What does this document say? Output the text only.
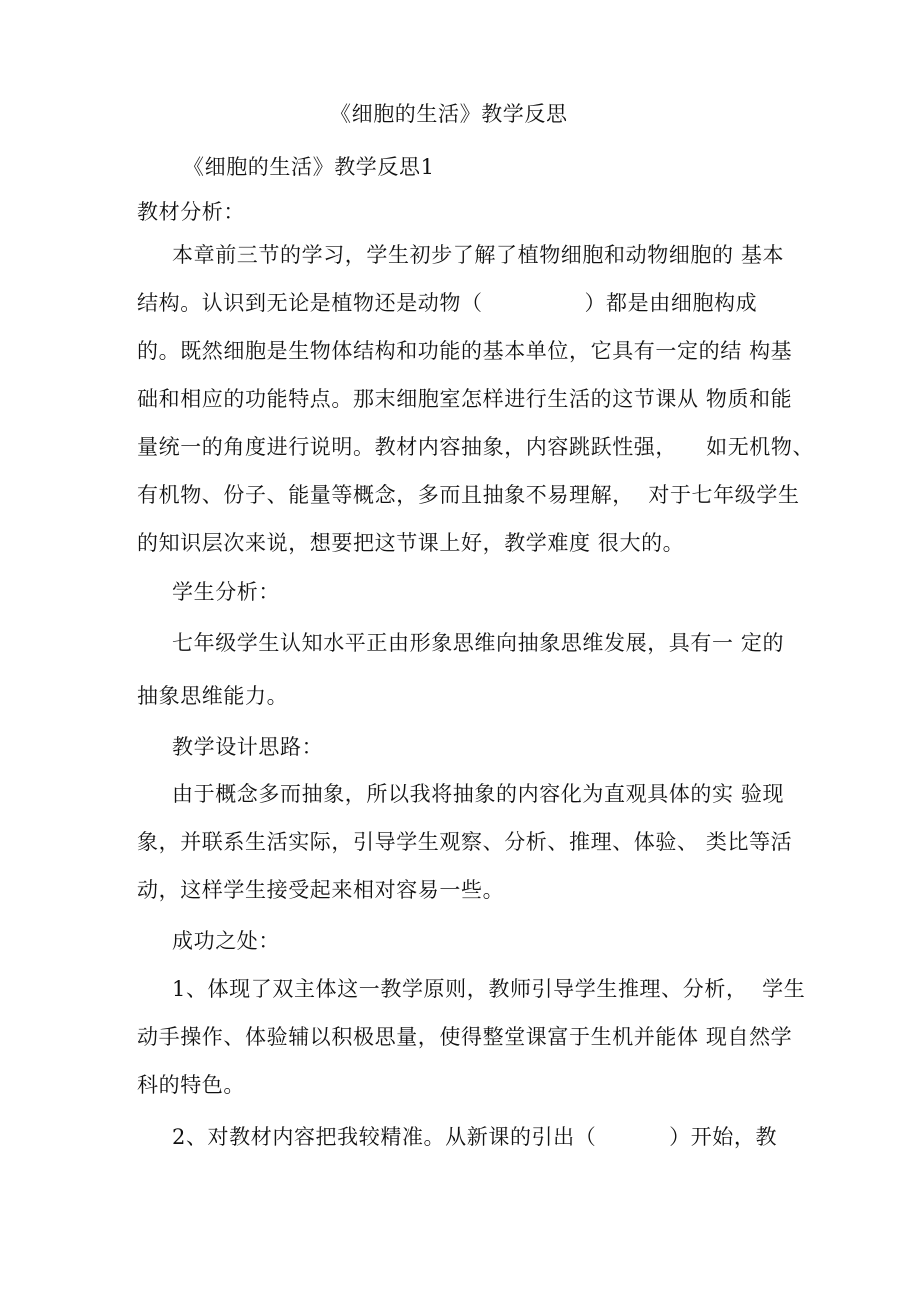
《细胞的生活》教学反思
《细胞的生活》教学反思1
教材分析：
本章前三节的学习，学生初步了解了植物细胞和动物细胞的 基本
结构。认识到无论是植物还是动物（              ）都是由细胞构成
的。既然细胞是生物体结构和功能的基本单位，它具有一定的结 构基
础和相应的功能特点。那末细胞室怎样进行生活的这节课从 物质和能
量统一的角度进行说明。教材内容抽象，内容跳跃性强，    如无机物、
有机物、份子、能量等概念，多而且抽象不易理解，  对于七年级学生
的知识层次来说，想要把这节课上好，教学难度 很大的。
学生分析：
七年级学生认知水平正由形象思维向抽象思维发展，具有一 定的
抽象思维能力。
教学设计思路：
由于概念多而抽象，所以我将抽象的内容化为直观具体的实 验现
象，并联系生活实际，引导学生观察、分析、推理、体验、 类比等活
动，这样学生接受起来相对容易一些。
成功之处：
1、体现了双主体这一教学原则，教师引导学生推理、分析，  学生
动手操作、体验辅以积极思量，使得整堂课富于生机并能体 现自然学
科的特色。
2、对教材内容把我较精准。从新课的引出（          ）开始，教
